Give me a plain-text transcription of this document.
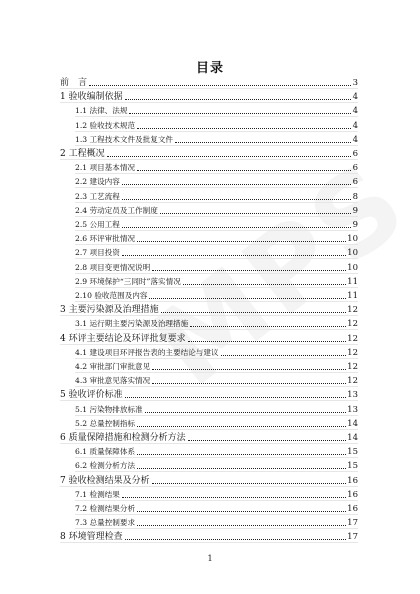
目录
前　言	3
1 验收编制依据	4
1.1 法律、法规	4
1.2 验收技术规范	4
1.3 工程技术文件及批复文件	4
2 工程概况	6
2.1 项目基本情况	6
2.2 建设内容	6
2.3 工艺流程	8
2.4 劳动定员及工作制度	9
2.5 公用工程	9
2.6 环评审批情况	10
2.7 项目投资	10
2.8 项目变更情况说明	10
2.9 环境保护“三同时”落实情况	11
2.10 验收范围及内容	11
3 主要污染源及治理措施	12
3.1 运行期主要污染源及治理措施	12
4 环评主要结论及环评批复要求	12
4.1 建设项目环评报告表的主要结论与建议	12
4.2 审批部门审批意见	12
4.3 审批意见落实情况	12
5 验收评价标准	13
5.1 污染物排放标准	13
5.2 总量控制指标	14
6 质量保障措施和检测分析方法	14
6.1 质量保障体系	15
6.2 检测分析方法	15
7 验收检测结果及分析	16
7.1 检测结果	16
7.2 检测结果分析	16
7.3 总量控制要求	17
8 环境管理检查	17
1
